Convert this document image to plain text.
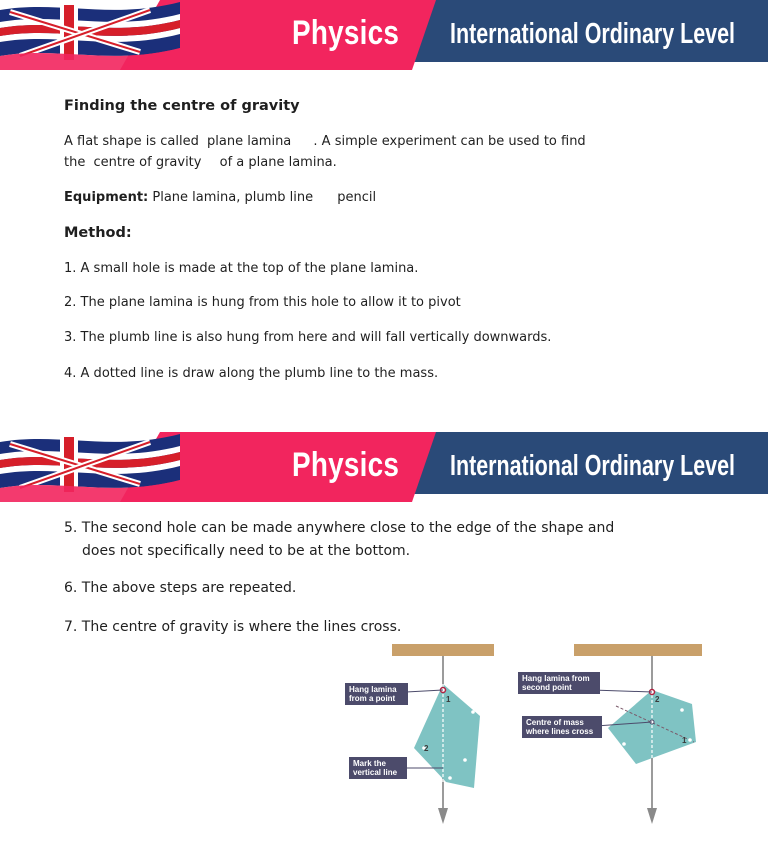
Physics International Ordinary Level
Finding the centre of gravity
A flat shape is called plane lamina . A simple experiment can be used to find
the centre of gravity of a plane lamina.
Equipment: Plane lamina, plumb line pencil
Method:
1. A small hole is made at the top of the plane lamina.
2. The plane lamina is hung from this hole to allow it to pivot
3. The plumb line is also hung from here and will fall vertically downwards.
4. A dotted line is draw along the plumb line to the mass.
Physics International Ordinary Level
5. The second hole can be made anywhere close to the edge of the shape and
does not specifically need to be at the bottom.
6. The above steps are repeated.
7. The centre of gravity is where the lines cross.
Hang lamina from a point
Mark the vertical line
1
2
Hang lamina from second point
Centre of mass where lines cross
1
2
